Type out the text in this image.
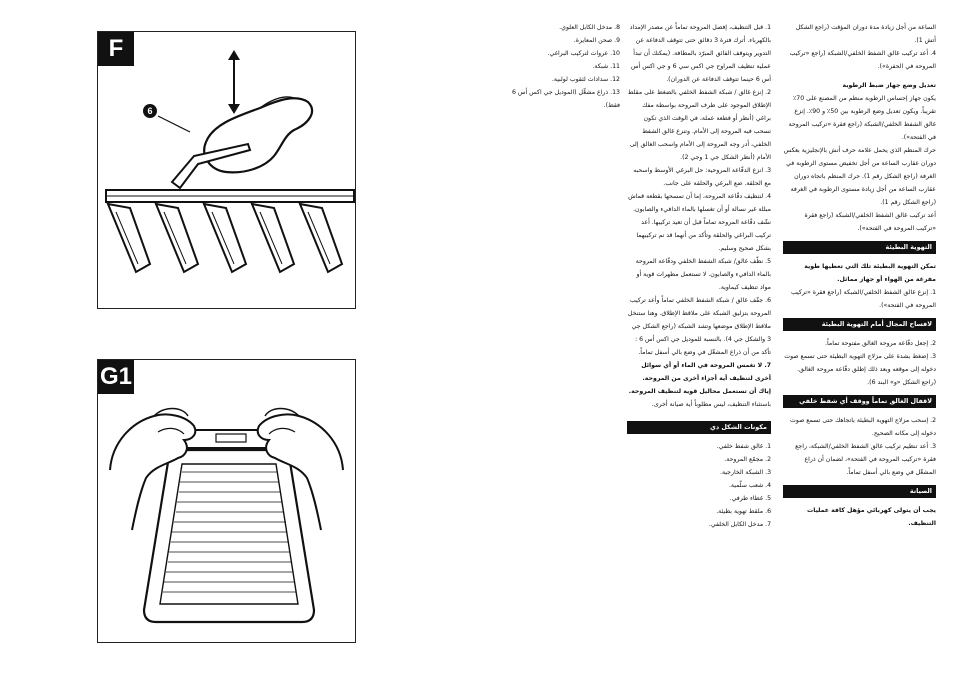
F
6
G1

8. مدخل الكابل العلوي.

9. صحن المعايرة.

10. عروات لتركيب البراغي.

11. شبكة.

12. سدادات لثقوب لولبية.

13. ذراع مشغِّل (الموديل جي اكس أس 6 فقط).

1. قبل التنظيف، إفصل المروحة تماماً عن مصدر الإمداد بالكهرباء. أترك فترة 3 دقائق حتى تتوقف الدفاعة عن التدوير ويتوقف الفائق المبرّد بالمطافة. (يمكنك أن تبدأ عملية تنظيف المراوح جي اكس سي 6 و جي اكس أس أس 6 حينما تتوقف الدفاعة عن الدوران).

2. إنزع غالق / شبكة الشفط الخلفي بالضغط على مقلط الإطلاق الموجود على طرف المروحة بواسطة مفك براغي (أنظر أو قطعة عملة، في الوقت الذي تكون تسحب فيه المروحة إلى الأمام. وتنزع غالق الشفط الخلفي، أدر وجه المروحة إلى الأمام واسحب الغالق إلى الأمام (أنظر الشكل جي 1 وجي 2).

3. انزع الدفّاعة المروحية: حل البرغي الأوسط واسحبه مع الحلقة. ضع البرغي والحلقة على جانب.

4. لتنظيف دفّاعة المروحة، إما أن تمسحها بقطعة قماش مبللة غير نسالة أو أن تغسلها بالماء الدافيء والصابون. نشّف دفّاعة المروحة تماماً قبل أن تعيد تركيبها. أعد تركيب البراغي والحلقة وتأكد من أنهما قد تم تركيبهما بشكل صحيح وسليم.

5. نظّف غالق/ شبكة الشفط الخلفي ودفّاعة المروحة بالماء الدافيء والصابون. لا تستعمل مطهرات قوية أو مواد تنظيف كيماوية.

6. جفّف غالق / شبكة الشفط الخلفي تماماً وأعد تركيب المروحة بتزليق الشبكة على ملاقط الإطلاق. وهنا ستنخل ملاقط الإطلاق موضعها وتشد الشبكة (راجع الشكل جي 3 والشكل جي 4). بالنسبة للموديل جي اكس أس 6 : تأكد من أن ذراع المشغّل في وضع بالي أسفل تماماً.

7. لا تغمس المروحة في الماء أو أي سوائل أخرى لتنظيف أية أجزاء أخرى من المروحة.

إياك أن تستعمل محاليل قوية لتنظيف المروحة.

باستثناء التنظيف، ليس مطلوباً أية صيانة أخرى.

مكونات الشكل دي
1. غالق شفط خلفي.
2. مجمّع المروحة.
3. الشبكة الخارجية.
4. شعب سلّمية.
5. غطاء طرفي.
6. ملقط تهوية بطيئة.
7. مدخل الكابل الخلفي.

الساعة من أجل زيادة مدة دوران المؤقت (راجع الشكل أتش 1).

4. أعد تركيب غالق الشفط الخلفي/الشبكة (راجع «تركيب المروحة في الحفرة»).

تعديل وضع جهاز ضبط الرطوبة

يكون جهاز إحساس الرطوبة منظم من المصنع على 70٪ تقريباً. ويكون تعديل وضع الرطوبة بين 50٪ و 90٪. إنزع غالق الشفط الخلفي/الشبكة (راجع فقرة «تركيب المروحة في الفتحة»).

حرك المنظم الذي يحمل علامة حرف أتش بالإنجليزية بعكس دوران عقارب الساعة من أجل تخفيض مستوى الرطوبة في الغرفة (راجع الشكل رقم 1). حرك المنظم باتجاه دوران عقارب الساعة من أجل زيادة مستوى الرطوبة في الغرفة (راجع الشكل رقم 1).

أعد تركيب غالق الشفط الخلفي/الشبكة (راجع فقرة «تركيب المروحة في الفتحة»).

التهوية البطيئة

تمكن التهوية البطيئة تلك التي تعطيها طوية مفرغة من الهواء أو جهاز مماثل.

1. إنزع غالق الشفط الخلفي/الشبكة (راجع فقرة «تركيب المروحة في الفتحة»).

لافساح المجال أمام التهوية البطيئة

2. إجعل دفّاعة مروحة الغالق مفتوحة تماماً.

3. إضغط بشدة على مزلاج التهوية البطيئة حتى تسمع صوت دخوله إلى موقعه وبعد ذلك إطلق دفّاعة مروحة الغالق. (راجع الشكل «و» البند 6).

لاقفال الغالق تماماً ووقف أي شفط خلفي

2. إسحب مزلاج التهوية البطيئة باتجاهك حتى تسمع صوت دخوله إلى مكانه الصحيح.

3. أعد تنظيم تركيب غالق الشفط الخلفي/الشبكة، راجع فقرة «تركيب المروحة في الفتحة»، لضمان أن ذراع المشغّل في وضع بالي أسفل تماماً.

الصيانة

يجب أن يتولى كهربائي مؤهل كافة عمليات التنظيف.
